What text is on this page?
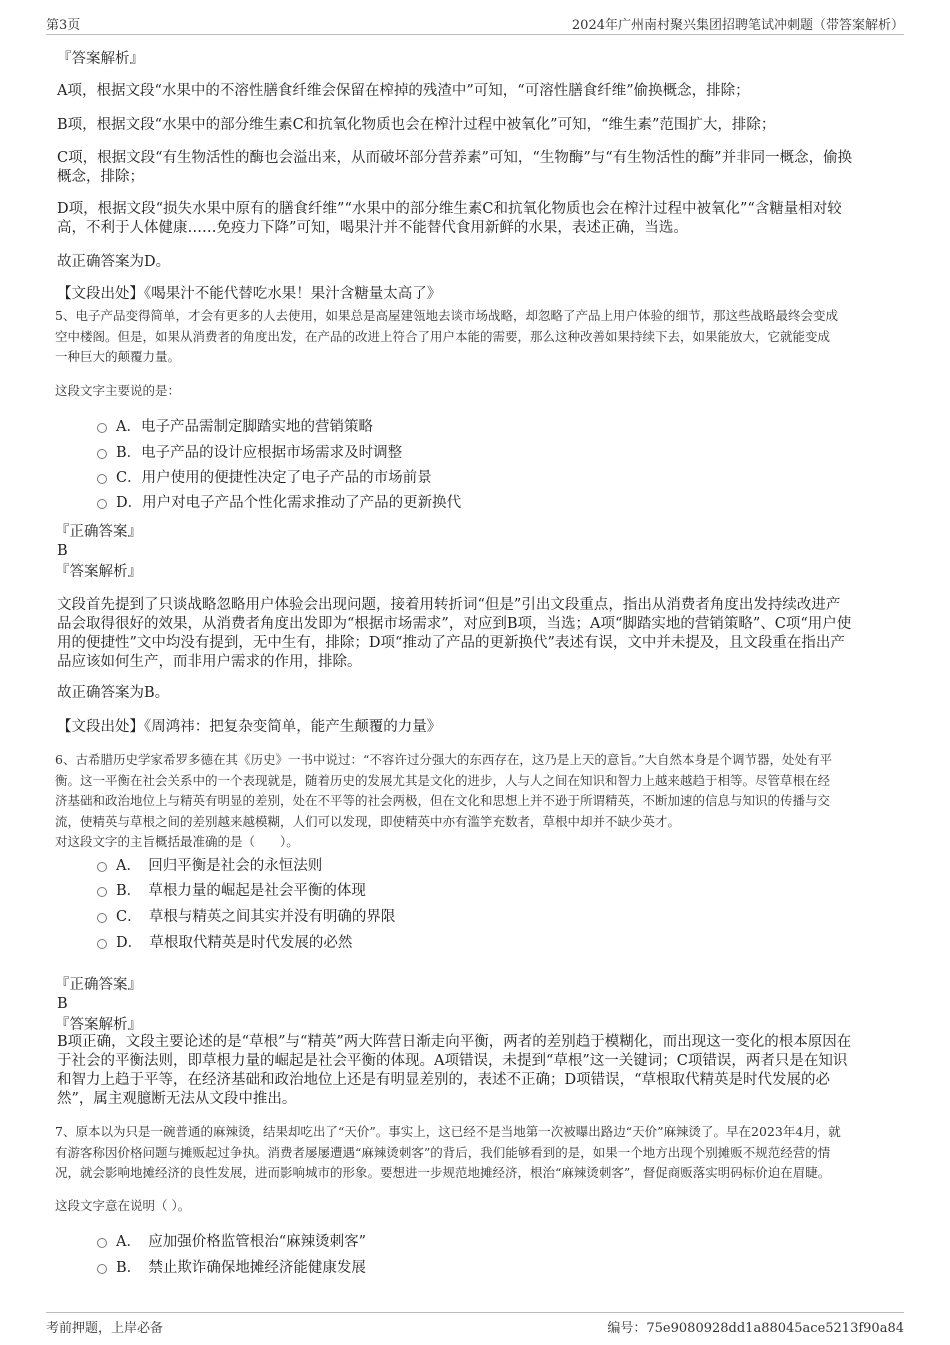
第3页	2024年广州南村聚兴集团招聘笔试冲刺题（带答案解析）
『答案解析』
A项，根据文段“水果中的不溶性膳食纤维会保留在榨掉的残渣中”可知，“可溶性膳食纤维”偷换概念，排除；
B项，根据文段“水果中的部分维生素C和抗氧化物质也会在榨汁过程中被氧化”可知，“维生素”范围扩大，排除；
C项，根据文段“有生物活性的酶也会溢出来，从而破坏部分营养素”可知，“生物酶”与“有生物活性的酶”并非同一概念，偷换
概念，排除；
D项，根据文段“损失水果中原有的膳食纤维”“水果中的部分维生素C和抗氧化物质也会在榨汁过程中被氧化”“含糖量相对较
高，不利于人体健康……免疫力下降”可知，喝果汁并不能替代食用新鲜的水果，表述正确，当选。
故正确答案为D。
【文段出处】《喝果汁不能代替吃水果！果汁含糖量太高了》
5、电子产品变得简单，才会有更多的人去使用，如果总是高屋建瓴地去谈市场战略，却忽略了产品上用户体验的细节，那这些战略最终会变成
空中楼阁。但是，如果从消费者的角度出发，在产品的改进上符合了用户本能的需要，那么这种改善如果持续下去，如果能放大，它就能变成
一种巨大的颠覆力量。
这段文字主要说的是：
A．电子产品需制定脚踏实地的营销策略
B．电子产品的设计应根据市场需求及时调整
C．用户使用的便捷性决定了电子产品的市场前景
D．用户对电子产品个性化需求推动了产品的更新换代
『正确答案』
B
『答案解析』
文段首先提到了只谈战略忽略用户体验会出现问题，接着用转折词“但是”引出文段重点，指出从消费者角度出发持续改进产
品会取得很好的效果，从消费者角度出发即为“根据市场需求”，对应到B项，当选；A项“脚踏实地的营销策略”、C项“用户使
用的便捷性”文中均没有提到，无中生有，排除；D项“推动了产品的更新换代”表述有误，文中并未提及，且文段重在指出产
品应该如何生产，而非用户需求的作用，排除。
故正确答案为B。
【文段出处】《周鸿祎：把复杂变简单，能产生颠覆的力量》
6、古希腊历史学家希罗多德在其《历史》一书中说过：“不容许过分强大的东西存在，这乃是上天的意旨。”大自然本身是个调节器，处处有平
衡。这一平衡在社会关系中的一个表现就是，随着历史的发展尤其是文化的进步，人与人之间在知识和智力上越来越趋于相等。尽管草根在经
济基础和政治地位上与精英有明显的差别，处在不平等的社会两极，但在文化和思想上并不逊于所谓精英，不断加速的信息与知识的传播与交
流，使精英与草根之间的差别越来越模糊，人们可以发现，即使精英中亦有滥竽充数者，草根中却并不缺少英才。
对这段文字的主旨概括最准确的是（　　）。
A．　回归平衡是社会的永恒法则
B．　草根力量的崛起是社会平衡的体现
C．　草根与精英之间其实并没有明确的界限
D．　草根取代精英是时代发展的必然
『正确答案』
B
『答案解析』
B项正确，文段主要论述的是“草根”与“精英”两大阵营日渐走向平衡，两者的差别趋于模糊化，而出现这一变化的根本原因在
于社会的平衡法则，即草根力量的崛起是社会平衡的体现。A项错误，未提到“草根”这一关键词；C项错误，两者只是在知识
和智力上趋于平等，在经济基础和政治地位上还是有明显差别的，表述不正确；D项错误，“草根取代精英是时代发展的必
然”，属主观臆断无法从文段中推出。
7、原本以为只是一碗普通的麻辣烫，结果却吃出了“天价”。事实上，这已经不是当地第一次被曝出路边“天价”麻辣烫了。早在2023年4月，就
有游客称因价格问题与摊贩起过争执。消费者屡屡遭遇“麻辣烫刺客”的背后，我们能够看到的是，如果一个地方出现个别摊贩不规范经营的情
况，就会影响地摊经济的良性发展，进而影响城市的形象。要想进一步规范地摊经济，根治“麻辣烫刺客”，督促商贩落实明码标价迫在眉睫。
这段文字意在说明（ ）。
A．　应加强价格监管根治“麻辣烫刺客”
B．　禁止欺诈确保地摊经济能健康发展
考前押题，上岸必备	编号：75e9080928dd1a88045ace5213f90a84
